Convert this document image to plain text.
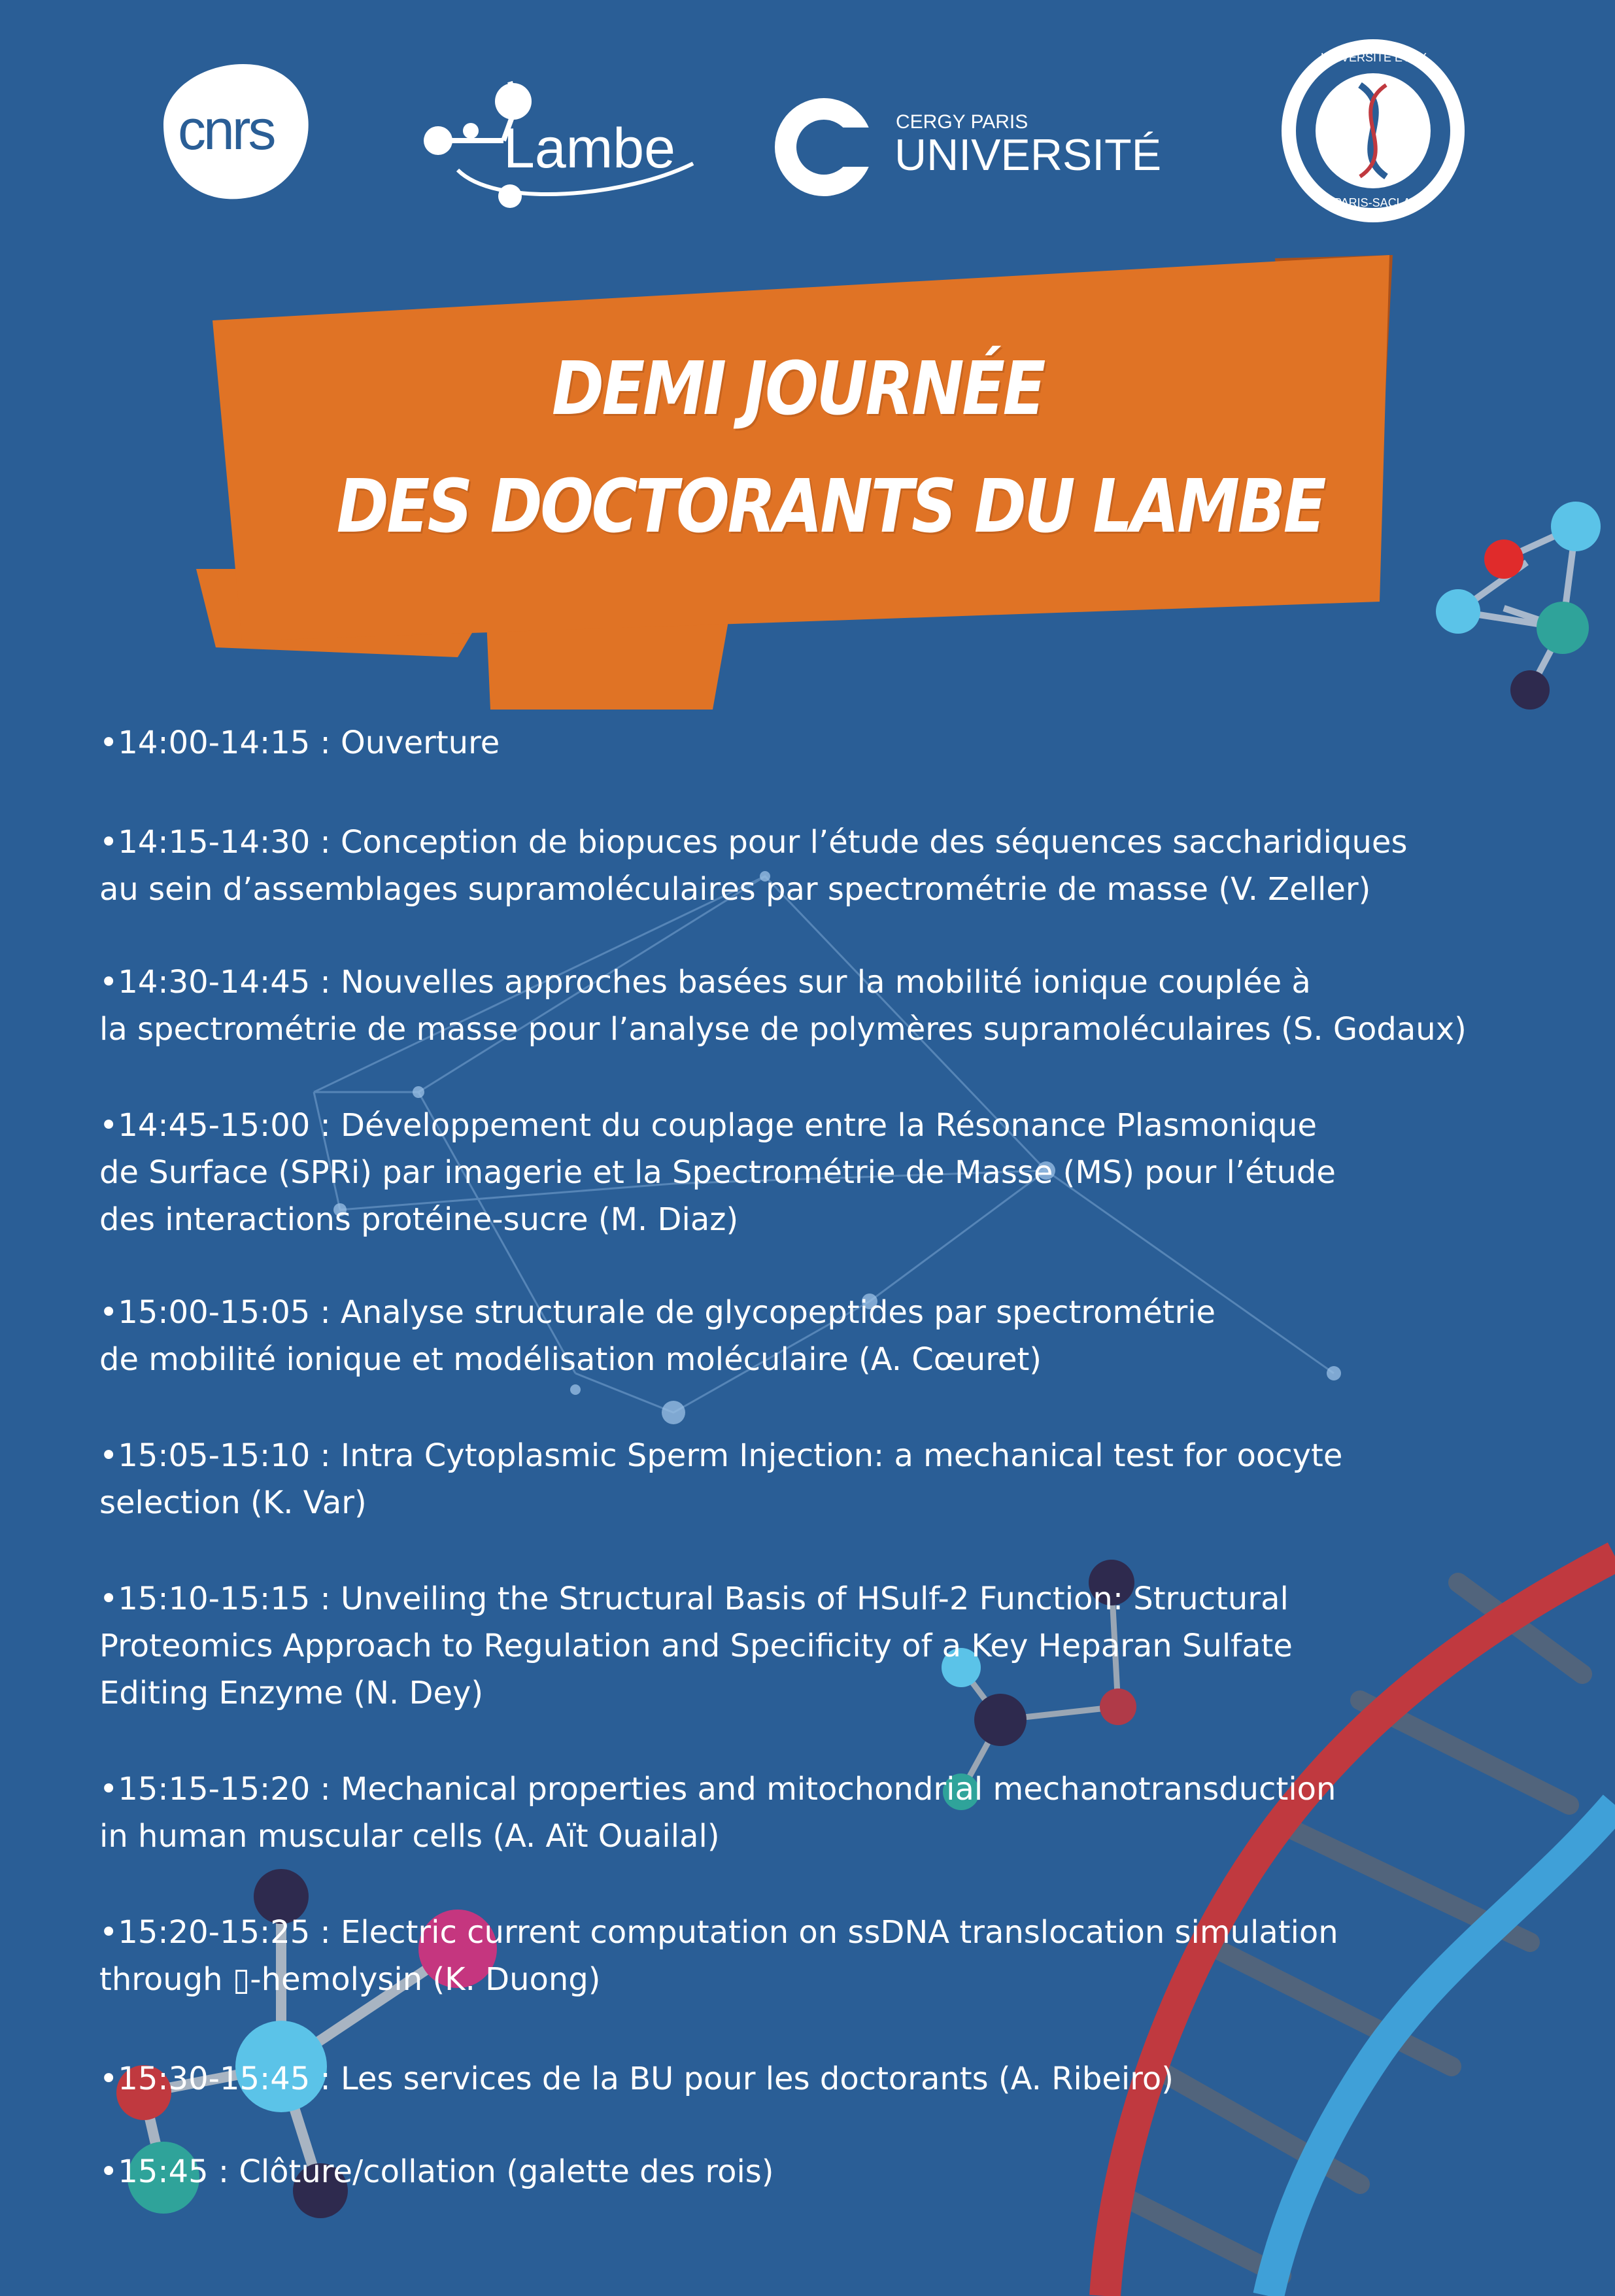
cnrs	Lambe	CERGY PARIS
UNIVERSITÉ
UNIVERSITÉ ÉVRY
PARIS-SACLAY
DEMI JOURNÉE
DES DOCTORANTS DU LAMBE
•14:00-14:15 : Ouverture
•14:15-14:30 : Conception de biopuces pour l’étude des séquences saccharidiques
au sein d’assemblages supramoléculaires par spectrométrie de masse (V. Zeller)
•14:30-14:45 : Nouvelles approches basées sur la mobilité ionique couplée à
la spectrométrie de masse pour l’analyse de polymères supramoléculaires (S. Godaux)
•14:45-15:00 : Développement du couplage entre la Résonance Plasmonique
de Surface (SPRi) par imagerie et la Spectrométrie de Masse (MS) pour l’étude
des interactions protéine-sucre (M. Diaz)
•15:00-15:05 : Analyse structurale de glycopeptides par spectrométrie
de mobilité ionique et modélisation moléculaire (A. Cœuret)
•15:05-15:10 : Intra Cytoplasmic Sperm Injection: a mechanical test for oocyte
selection (K. Var)
•15:10-15:15 : Unveiling the Structural Basis of HSulf-2 Function: Structural
Proteomics Approach to Regulation and Specificity of a Key Heparan Sulfate
Editing Enzyme (N. Dey)
•15:15-15:20 : Mechanical properties and mitochondrial mechanotransduction
in human muscular cells (A. Aït Ouailal)
•15:20-15:25 : Electric current computation on ssDNA translocation simulation
through ▯-hemolysin (K. Duong)
•15:30-15:45 : Les services de la BU pour les doctorants (A. Ribeiro)
•15:45 : Clôture/collation (galette des rois)
